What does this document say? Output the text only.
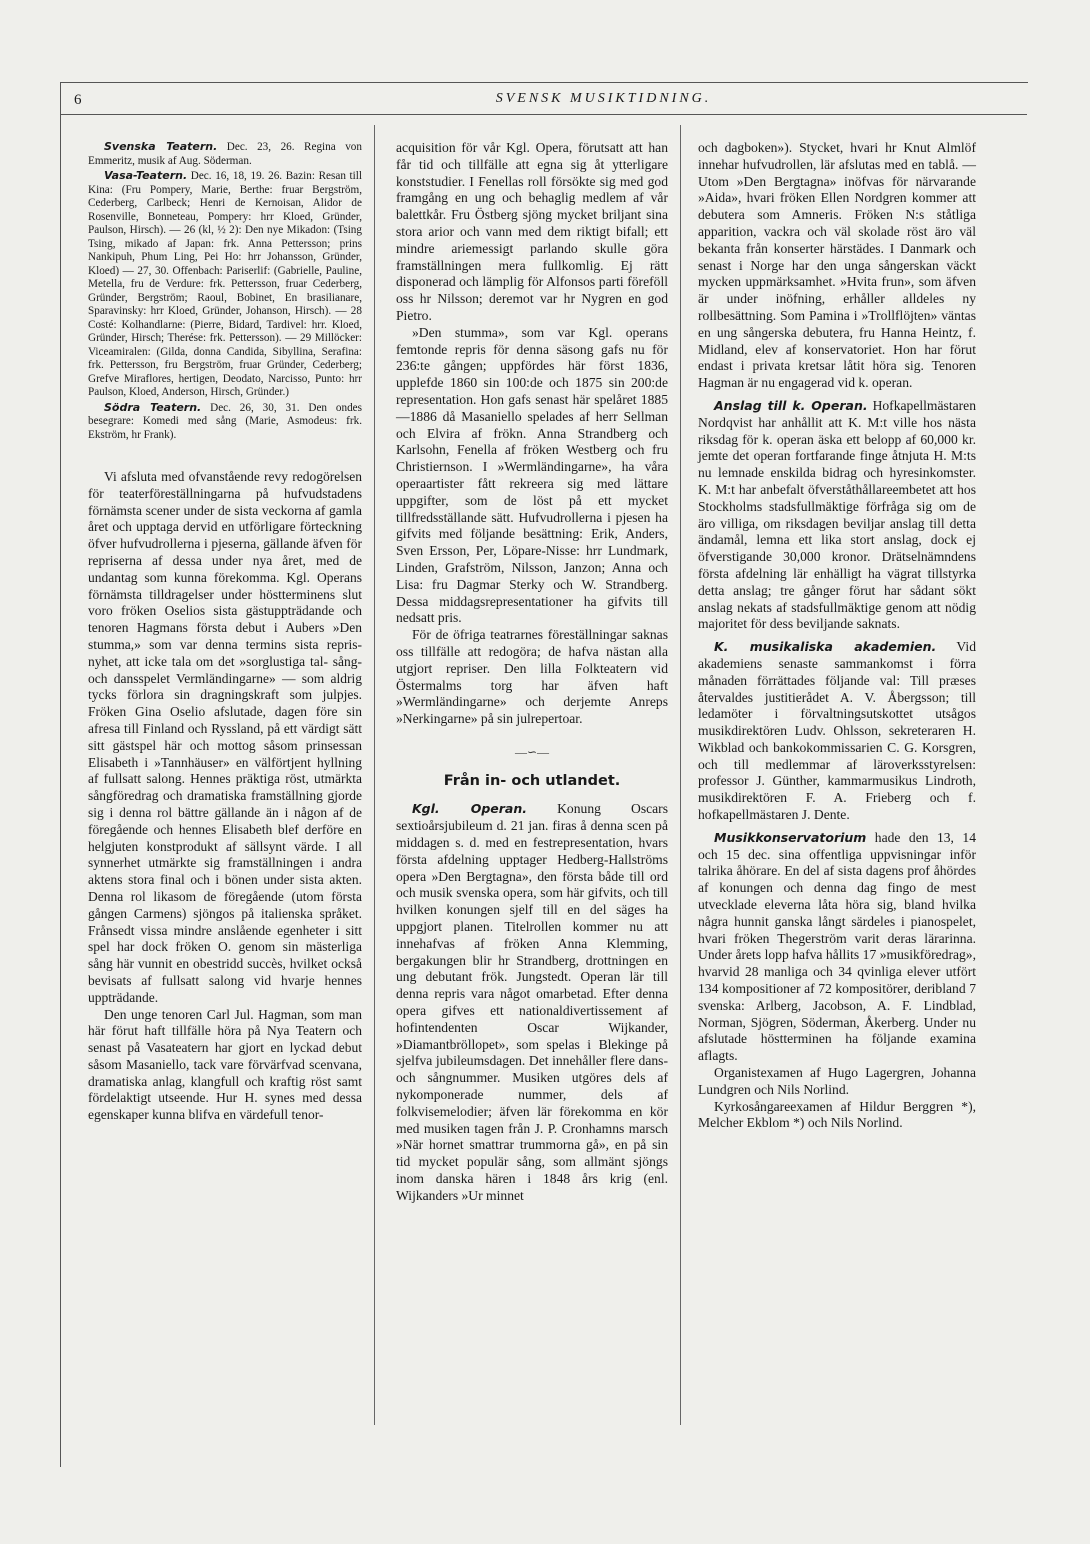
6	SVENSK MUSIKTIDNING.

Svenska Teatern. Dec. 23, 26. Regina von Emmeritz, musik af Aug. Söderman.

Vasa-Teatern. Dec. 16, 18, 19. 26. Bazin: Resan till Kina: (Fru Pompery, Marie, Berthe: fruar Bergström, Cederberg, Carlbeck; Henri de Kernoisan, Alidor de Rosenville, Bonneteau, Pompery: hrr Kloed, Gründer, Paulson, Hirsch). — 26 (kl, ½ 2): Den nye Mikadon: (Tsing Tsing, mikado af Japan: frk. Anna Pettersson; prins Nankipuh, Phum Ling, Pei Ho: hrr Johansson, Gründer, Kloed) — 27, 30. Offenbach: Pariserlif: (Gabrielle, Pauline, Metella, fru de Verdure: frk. Pettersson, fruar Cederberg, Gründer, Bergström; Raoul, Bobinet, En brasilianare, Sparavinsky: hrr Kloed, Gründer, Johanson, Hirsch). — 28 Costé: Kolhandlarne: (Pierre, Bidard, Tardivel: hrr. Kloed, Gründer, Hirsch; Therése: frk. Pettersson). — 29 Millöcker: Viceamiralen: (Gilda, donna Candida, Sibyllina, Serafina: frk. Pettersson, fru Bergström, fruar Gründer, Cederberg; Grefve Miraflores, hertigen, Deodato, Narcisso, Punto: hrr Paulson, Kloed, Anderson, Hirsch, Gründer.)

Södra Teatern. Dec. 26, 30, 31. Den ondes besegrare: Komedi med sång (Marie, Asmodeus: frk. Ekström, hr Frank).

Vi afsluta med ofvanstående revy redogörelsen för teaterföreställningarna på hufvudstadens förnämsta scener under de sista veckorna af gamla året och upptaga dervid en utförligare förteckning öfver hufvudrollerna i pjeserna, gällande äfven för repriserna af dessa under nya året, med de undantag som kunna förekomma. Kgl. Operans förnämsta tilldragelser under höstterminens slut voro fröken Oselios sista gästuppträdande och tenoren Hagmans första debut i Aubers »Den stumma,» som var denna termins sista repris-nyhet, att icke tala om det »sorglustiga tal- sång- och dansspelet Vermländingarne» — som aldrig tycks förlora sin dragningskraft som julpjes. Fröken Gina Oselio afslutade, dagen före sin afresa till Finland och Ryssland, på ett värdigt sätt sitt gästspel här och mottog såsom prinsessan Elisabeth i »Tannhäuser» en välförtjent hyllning af fullsatt salong. Hennes präktiga röst, utmärkta sångföredrag och dramatiska framställning gjorde sig i denna rol bättre gällande än i någon af de föregående och hennes Elisabeth blef derföre en helgjuten konstprodukt af sällsynt värde. I all synnerhet utmärkte sig framställningen i andra aktens stora final och i bönen under sista akten. Denna rol likasom de föregående (utom första gången Carmens) sjöngos på italienska språket. Frånsedt vissa mindre anslående egenheter i sitt spel har dock fröken O. genom sin mästerliga sång här vunnit en obestridd succès, hvilket också bevisats af fullsatt salong vid hvarje hennes uppträdande.

Den unge tenoren Carl Jul. Hagman, som man här förut haft tillfälle höra på Nya Teatern och senast på Vasateatern har gjort en lyckad debut såsom Masaniello, tack vare förvärfvad scenvana, dramatiska anlag, klangfull och kraftig röst samt fördelaktigt utseende. Hur H. synes med dessa egenskaper kunna blifva en värdefull tenor-

acquisition för vår Kgl. Opera, förutsatt att han får tid och tillfälle att egna sig åt ytterligare konststudier. I Fenellas roll försökte sig med god framgång en ung och behaglig medlem af vår balettkår. Fru Östberg sjöng mycket briljant sina stora arior och vann med dem riktigt bifall; ett mindre ariemessigt parlando skulle göra framställningen mera fullkomlig. Ej rätt disponerad och lämplig för Alfonsos parti föreföll oss hr Nilsson; deremot var hr Nygren en god Pietro.

»Den stumma», som var Kgl. operans femtonde repris för denna säsong gafs nu för 236:te gången; uppfördes här först 1836, upplefde 1860 sin 100:de och 1875 sin 200:de representation. Hon gafs senast här spelåret 1885—1886 då Masaniello spelades af herr Sellman och Elvira af frökn. Anna Strandberg och Karlsohn, Fenella af fröken Westberg och fru Christiernson. I »Wermländingarne», ha våra operaartister fått rekreera sig med lättare uppgifter, som de löst på ett mycket tillfredsställande sätt. Hufvudrollerna i pjesen ha gifvits med följande besättning: Erik, Anders, Sven Ersson, Per, Löpare-Nisse: hrr Lundmark, Linden, Grafström, Nilsson, Janzon; Anna och Lisa: fru Dagmar Sterky och W. Strandberg. Dessa middagsrepresentationer ha gifvits till nedsatt pris.

För de öfriga teatrarnes föreställningar saknas oss tillfälle att redogöra; de hafva nästan alla utgjort repriser. Den lilla Folkteatern vid Östermalms torg har äfven haft »Wermländingarne» och derjemte Anreps »Nerkingarne» på sin julrepertoar.

—∽—
Från in- och utlandet.

Kgl. Operan. Konung Oscars sextioårsjubileum d. 21 jan. firas å denna scen på middagen s. d. med en festrepresentation, hvars första afdelning upptager Hedberg-Hallströms opera »Den Bergtagna», den första både till ord och musik svenska opera, som här gifvits, och till hvilken konungen sjelf till en del säges ha uppgjort planen. Titelrollen kommer nu att innehafvas af fröken Anna Klemming, bergakungen blir hr Strandberg, drottningen en ung debutant frök. Jungstedt. Operan lär till denna repris vara något omarbetad. Efter denna opera gifves ett nationaldivertissement af hofintendenten Oscar Wijkander, »Diamantbröllopet», som spelas i Blekinge på sjelfva jubileumsdagen. Det innehåller flere dans- och sångnummer. Musiken utgöres dels af nykomponerade nummer, dels af folkvisemelodier; äfven lär förekomma en kör med musiken tagen från J. P. Cronhamns marsch »När hornet smattrar trummorna gå», en på sin tid mycket populär sång, som allmänt sjöngs inom danska hären i 1848 års krig (enl. Wijkanders »Ur minnet

och dagboken»). Stycket, hvari hr Knut Almlöf innehar hufvudrollen, lär afslutas med en tablå. — Utom »Den Bergtagna» inöfvas för närvarande »Aida», hvari fröken Ellen Nordgren kommer att debutera som Amneris. Fröken N:s ståtliga apparition, vackra och väl skolade röst äro väl bekanta från konserter härstädes. I Danmark och senast i Norge har den unga sångerskan väckt mycken uppmärksamhet. »Hvita frun», som äfven är under inöfning, erhåller alldeles ny rollbesättning. Som Pamina i »Trollflöjten» väntas en ung sångerska debutera, fru Hanna Heintz, f. Midland, elev af konservatoriet. Hon har förut endast i privata kretsar låtit höra sig. Tenoren Hagman är nu engagerad vid k. operan.

Anslag till k. Operan. Hofkapellmästaren Nordqvist har anhållit att K. M:t ville hos nästa riksdag för k. operan äska ett belopp af 60,000 kr. jemte det operan fortfarande finge åtnjuta H. M:ts nu lemnade enskilda bidrag och hyresinkomster. K. M:t har anbefalt öfverståthållareembetet att hos Stockholms stadsfullmäktige förfråga sig om de äro villiga, om riksdagen beviljar anslag till detta ändamål, lemna ett lika stort anslag, dock ej öfverstigande 30,000 kronor. Drätselnämndens första afdelning lär enhälligt ha vägrat tillstyrka detta anslag; tre gånger förut har sådant sökt anslag nekats af stadsfullmäktige genom att nödig majoritet för dess beviljande saknats.

K. musikaliska akademien. Vid akademiens senaste sammankomst i förra månaden förrättades följande val: Till præses återvaldes justitierådet A. V. Åbergsson; till ledamöter i förvaltningsutskottet utsågos musikdirektören Ludv. Ohlsson, sekreteraren H. Wikblad och bankokommissarien C. G. Korsgren, och till medlemmar af läroverksstyrelsen: professor J. Günther, kammarmusikus Lindroth, musikdirektören F. A. Frieberg och f. hofkapellmästaren J. Dente.

Musikkonservatorium hade den 13, 14 och 15 dec. sina offentliga uppvisningar inför talrika åhörare. En del af sista dagens prof åhördes af konungen och denna dag fingo de mest utvecklade eleverna låta höra sig, bland hvilka några hunnit ganska långt särdeles i pianospelet, hvari fröken Thegerström varit deras lärarinna. Under årets lopp hafva hållits 17 »musikföredrag», hvarvid 28 manliga och 34 qvinliga elever utfört 134 kompositioner af 72 kompositörer, deribland 7 svenska: Arlberg, Jacobson, A. F. Lindblad, Norman, Sjögren, Söderman, Åkerberg. Under nu afslutade höstterminen ha följande examina aflagts.

Organistexamen af Hugo Lagergren, Johanna Lundgren och Nils Norlind.

Kyrkosångareexamen af Hildur Berggren *), Melcher Ekblom *) och Nils Norlind.
